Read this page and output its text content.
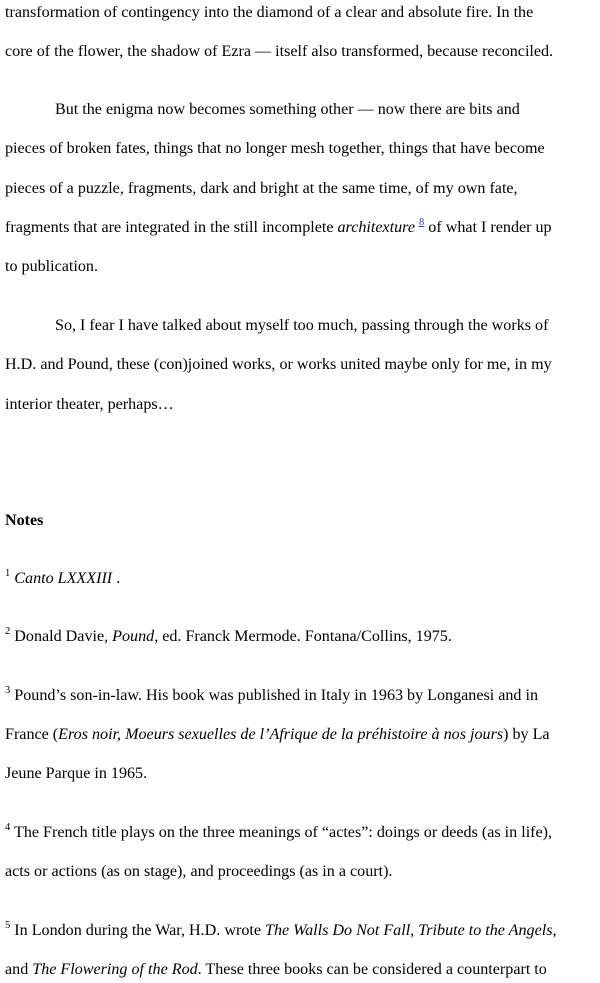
transformation of contingency into the diamond of a clear and absolute fire. In the
core of the flower, the shadow of Ezra — itself also transformed, because reconciled.
But the enigma now becomes something other — now there are bits and
pieces of broken fates, things that no longer mesh together, things that have become
pieces of a puzzle, fragments, dark and bright at the same time, of my own fate,
fragments that are integrated in the still incomplete architexture $^8$ of what I render up
to publication.
So, I fear I have talked about myself too much, passing through the works of
H.D. and Pound, these (con)joined works, or works united maybe only for me, in my
interior theater, perhaps…
Notes
$^1$ Canto LXXXIII .
$^2$ Donald Davie, Pound, ed. Franck Mermode. Fontana/Collins, 1975.
$^3$ Pound’s son-in-law. His book was published in Italy in 1963 by Longanesi and in
France (Eros noir, Moeurs sexuelles de l’Afrique de la préhistoire à nos jours) by La
Jeune Parque in 1965.
$^4$ The French title plays on the three meanings of “actes”: doings or deeds (as in life),
acts or actions (as on stage), and proceedings (as in a court).
$^5$ In London during the War, H.D. wrote The Walls Do Not Fall, Tribute to the Angels,
and The Flowering of the Rod. These three books can be considered a counterpart to
